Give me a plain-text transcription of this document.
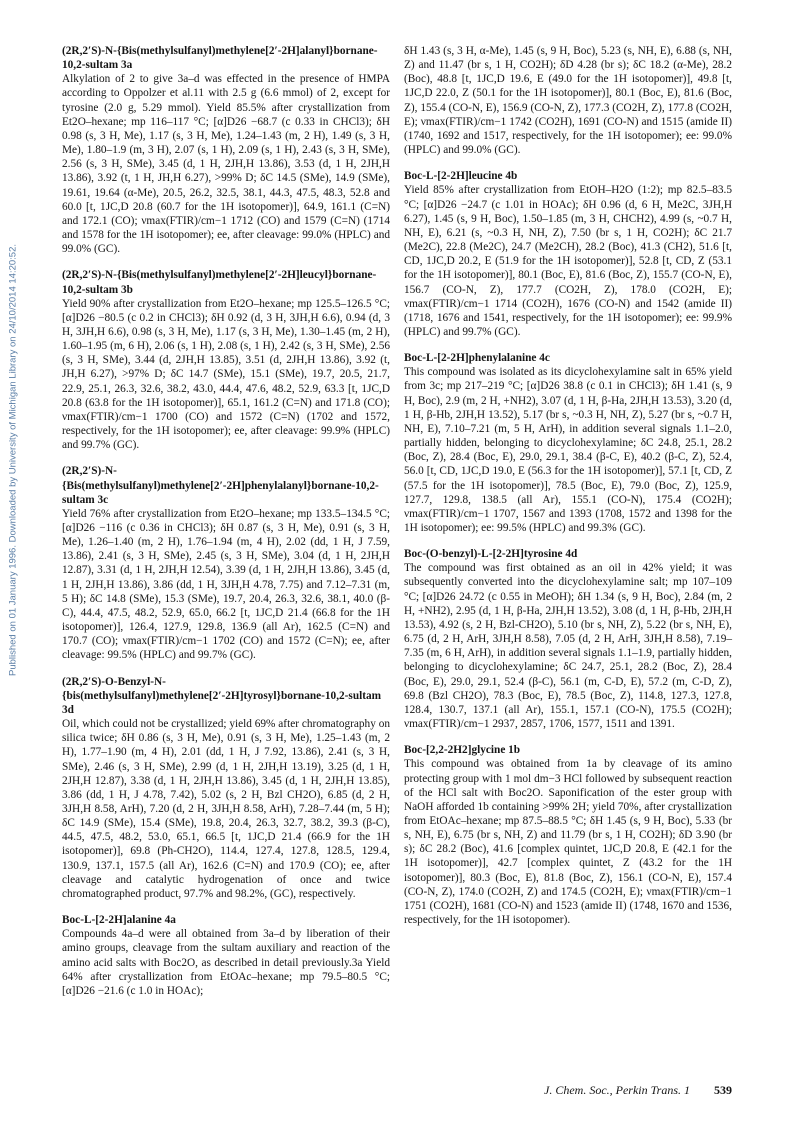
Published on 01 January 1996. Downloaded by University of Michigan Library on 24/10/2014 14:20:52.
(2R,2′S)-N-{Bis(methylsulfanyl)methylene[2′-2H]alanyl}bornane-10,2-sultam 3a

Alkylation of 2 to give 3a–d was effected in the presence of HMPA according to Oppolzer et al.11 with 2.5 g (6.6 mmol) of 2, except for tyrosine (2.0 g, 5.29 mmol). Yield 85.5% after crystallization from Et2O–hexane; mp 116–117 °C; [α]D26 −68.7 (c 0.33 in CHCl3); δH 0.98 (s, 3 H, Me), 1.17 (s, 3 H, Me), 1.24–1.43 (m, 2 H), 1.49 (s, 3 H, Me), 1.80–1.9 (m, 3 H), 2.07 (s, 1 H), 2.09 (s, 1 H), 2.43 (s, 3 H, SMe), 2.56 (s, 3 H, SMe), 3.45 (d, 1 H, 2JH,H 13.86), 3.53 (d, 1 H, 2JH,H 13.86), 3.92 (t, 1 H, JH,H 6.27), >99% D; δC 14.5 (SMe), 14.9 (SMe), 19.61, 19.64 (α-Me), 20.5, 26.2, 32.5, 38.1, 44.3, 47.5, 48.3, 52.8 and 60.0 [t, 1JC,D 20.8 (60.7 for the 1H isotopomer)], 64.9, 161.1 (C=N) and 172.1 (CO); νmax(FTIR)/cm−1 1712 (CO) and 1579 (C=N) (1714 and 1578 for the 1H isotopomer); ee, after cleavage: 99.0% (HPLC) and 99.0% (GC).

(2R,2′S)-N-{Bis(methylsulfanyl)methylene[2′-2H]leucyl}bornane-10,2-sultam 3b

Yield 90% after crystallization from Et2O–hexane; mp 125.5–126.5 °C; [α]D26 −80.5 (c 0.2 in CHCl3); δH 0.92 (d, 3 H, 3JH,H 6.6), 0.94 (d, 3 H, 3JH,H 6.6), 0.98 (s, 3 H, Me), 1.17 (s, 3 H, Me), 1.30–1.45 (m, 2 H), 1.60–1.95 (m, 6 H), 2.06 (s, 1 H), 2.08 (s, 1 H), 2.42 (s, 3 H, SMe), 2.56 (s, 3 H, SMe), 3.44 (d, 2JH,H 13.85), 3.51 (d, 2JH,H 13.86), 3.92 (t, JH,H 6.27), >97% D; δC 14.7 (SMe), 15.1 (SMe), 19.7, 20.5, 21.7, 22.9, 25.1, 26.3, 32.6, 38.2, 43.0, 44.4, 47.6, 48.2, 52.9, 63.3 [t, 1JC,D 20.8 (63.8 for the 1H isotopomer)], 65.1, 161.2 (C=N) and 171.8 (CO); νmax(FTIR)/cm−1 1700 (CO) and 1572 (C=N) (1702 and 1572, respectively, for the 1H isotopomer); ee, after cleavage: 99.9% (HPLC) and 99.7% (GC).

(2R,2′S)-N-{Bis(methylsulfanyl)methylene[2′-2H]phenylalanyl}bornane-10,2-sultam 3c

Yield 76% after crystallization from Et2O–hexane; mp 133.5–134.5 °C; [α]D26 −116 (c 0.36 in CHCl3); δH 0.87 (s, 3 H, Me), 0.91 (s, 3 H, Me), 1.26–1.40 (m, 2 H), 1.76–1.94 (m, 4 H), 2.02 (dd, 1 H, J 7.59, 13.86), 2.41 (s, 3 H, SMe), 2.45 (s, 3 H, SMe), 3.04 (d, 1 H, 2JH,H 12.87), 3.31 (d, 1 H, 2JH,H 12.54), 3.39 (d, 1 H, 2JH,H 13.86), 3.45 (d, 1 H, 2JH,H 13.86), 3.86 (dd, 1 H, 3JH,H 4.78, 7.75) and 7.12–7.31 (m, 5 H); δC 14.8 (SMe), 15.3 (SMe), 19.7, 20.4, 26.3, 32.6, 38.1, 40.0 (β-C), 44.4, 47.5, 48.2, 52.9, 65.0, 66.2 [t, 1JC,D 21.4 (66.8 for the 1H isotopomer)], 126.4, 127.9, 129.8, 136.9 (all Ar), 162.5 (C=N) and 170.7 (CO); νmax(FTIR)/cm−1 1702 (CO) and 1572 (C=N); ee, after cleavage: 99.5% (HPLC) and 99.7% (GC).

(2R,2′S)-O-Benzyl-N-{bis(methylsulfanyl)methylene[2′-2H]tyrosyl}bornane-10,2-sultam 3d

Oil, which could not be crystallized; yield 69% after chromatography on silica twice; δH 0.86 (s, 3 H, Me), 0.91 (s, 3 H, Me), 1.25–1.43 (m, 2 H), 1.77–1.90 (m, 4 H), 2.01 (dd, 1 H, J 7.92, 13.86), 2.41 (s, 3 H, SMe), 2.46 (s, 3 H, SMe), 2.99 (d, 1 H, 2JH,H 13.19), 3.25 (d, 1 H, 2JH,H 12.87), 3.38 (d, 1 H, 2JH,H 13.86), 3.45 (d, 1 H, 2JH,H 13.85), 3.86 (dd, 1 H, J 4.78, 7.42), 5.02 (s, 2 H, Bzl CH2O), 6.85 (d, 2 H, 3JH,H 8.58, ArH), 7.20 (d, 2 H, 3JH,H 8.58, ArH), 7.28–7.44 (m, 5 H); δC 14.9 (SMe), 15.4 (SMe), 19.8, 20.4, 26.3, 32.7, 38.2, 39.3 (β-C), 44.5, 47.5, 48.2, 53.0, 65.1, 66.5 [t, 1JC,D 21.4 (66.9 for the 1H isotopomer)], 69.8 (Ph-CH2O), 114.4, 127.4, 127.8, 128.5, 129.4, 130.9, 137.1, 157.5 (all Ar), 162.6 (C=N) and 170.9 (CO); ee, after cleavage and catalytic hydrogenation of once and twice chromatographed product, 97.7% and 98.2%, (GC), respectively.

Boc-L-[2-2H]alanine 4a

Compounds 4a–d were all obtained from 3a–d by liberation of their amino groups, cleavage from the sultam auxiliary and reaction of the amino acid salts with Boc2O, as described in detail previously.3a Yield 64% after crystallization from EtOAc–hexane; mp 79.5–80.5 °C; [α]D26 −21.6 (c 1.0 in HOAc);

δH 1.43 (s, 3 H, α-Me), 1.45 (s, 9 H, Boc), 5.23 (s, NH, E), 6.88 (s, NH, Z) and 11.47 (br s, 1 H, CO2H); δD 4.28 (br s); δC 18.2 (α-Me), 28.2 (Boc), 48.8 [t, 1JC,D 19.6, E (49.0 for the 1H isotopomer)], 49.8 [t, 1JC,D 22.0, Z (50.1 for the 1H isotopomer)], 80.1 (Boc, E), 81.6 (Boc, Z), 155.4 (CO-N, E), 156.9 (CO-N, Z), 177.3 (CO2H, Z), 177.8 (CO2H, E); νmax(FTIR)/cm−1 1742 (CO2H), 1691 (CO-N) and 1515 (amide II) (1740, 1692 and 1517, respectively, for the 1H isotopomer); ee: 99.0% (HPLC) and 99.0% (GC).

Boc-L-[2-2H]leucine 4b

Yield 85% after crystallization from EtOH–H2O (1:2); mp 82.5–83.5 °C; [α]D26 −24.7 (c 1.01 in HOAc); δH 0.96 (d, 6 H, Me2C, 3JH,H 6.27), 1.45 (s, 9 H, Boc), 1.50–1.85 (m, 3 H, CHCH2), 4.99 (s, ~0.7 H, NH, E), 6.21 (s, ~0.3 H, NH, Z), 7.50 (br s, 1 H, CO2H); δC 21.7 (Me2C), 22.8 (Me2C), 24.7 (Me2CH), 28.2 (Boc), 41.3 (CH2), 51.6 [t, CD, 1JC,D 20.2, E (51.9 for the 1H isotopomer)], 52.8 [t, CD, Z (53.1 for the 1H isotopomer)], 80.1 (Boc, E), 81.6 (Boc, Z), 155.7 (CO-N, E), 156.7 (CO-N, Z), 177.7 (CO2H, Z), 178.0 (CO2H, E); νmax(FTIR)/cm−1 1714 (CO2H), 1676 (CO-N) and 1542 (amide II) (1718, 1676 and 1541, respectively, for the 1H isotopomer); ee: 99.9% (HPLC) and 99.7% (GC).

Boc-L-[2-2H]phenylalanine 4c

This compound was isolated as its dicyclohexylamine salt in 65% yield from 3c; mp 217–219 °C; [α]D26 38.8 (c 0.1 in CHCl3); δH 1.41 (s, 9 H, Boc), 2.9 (m, 2 H, +NH2), 3.07 (d, 1 H, β-Ha, 2JH,H 13.53), 3.20 (d, 1 H, β-Hb, 2JH,H 13.52), 5.17 (br s, ~0.3 H, NH, Z), 5.27 (br s, ~0.7 H, NH, E), 7.10–7.21 (m, 5 H, ArH), in addition several signals 1.1–2.0, partially hidden, belonging to dicyclohexylamine; δC 24.8, 25.1, 28.2 (Boc, Z), 28.4 (Boc, E), 29.0, 29.1, 38.4 (β-C, E), 40.2 (β-C, Z), 52.4, 56.0 [t, CD, 1JC,D 19.0, E (56.3 for the 1H isotopomer)], 57.1 [t, CD, Z (57.5 for the 1H isotopomer)], 78.5 (Boc, E), 79.0 (Boc, Z), 125.9, 127.7, 129.8, 138.5 (all Ar), 155.1 (CO-N), 175.4 (CO2H); νmax(FTIR)/cm−1 1707, 1567 and 1393 (1708, 1572 and 1398 for the 1H isotopomer); ee: 99.5% (HPLC) and 99.3% (GC).

Boc-(O-benzyl)-L-[2-2H]tyrosine 4d

The compound was first obtained as an oil in 42% yield; it was subsequently converted into the dicyclohexylamine salt; mp 107–109 °C; [α]D26 24.72 (c 0.55 in MeOH); δH 1.34 (s, 9 H, Boc), 2.84 (m, 2 H, +NH2), 2.95 (d, 1 H, β-Ha, 2JH,H 13.52), 3.08 (d, 1 H, β-Hb, 2JH,H 13.53), 4.92 (s, 2 H, Bzl-CH2O), 5.10 (br s, NH, Z), 5.22 (br s, NH, E), 6.75 (d, 2 H, ArH, 3JH,H 8.58), 7.05 (d, 2 H, ArH, 3JH,H 8.58), 7.19–7.35 (m, 6 H, ArH), in addition several signals 1.1–1.9, partially hidden, belonging to dicyclohexylamine; δC 24.7, 25.1, 28.2 (Boc, Z), 28.4 (Boc, E), 29.0, 29.1, 52.4 (β-C), 56.1 (m, C-D, E), 57.2 (m, C-D, Z), 69.8 (Bzl CH2O), 78.3 (Boc, E), 78.5 (Boc, Z), 114.8, 127.3, 127.8, 128.4, 130.7, 137.1 (all Ar), 155.1, 157.1 (CO-N), 175.5 (CO2H); νmax(FTIR)/cm−1 2937, 2857, 1706, 1577, 1511 and 1391.

Boc-[2,2-2H2]glycine 1b

This compound was obtained from 1a by cleavage of its amino protecting group with 1 mol dm−3 HCl followed by subsequent reaction of the HCl salt with Boc2O. Saponification of the ester group with NaOH afforded 1b containing >99% 2H; yield 70%, after crystallization from EtOAc–hexane; mp 87.5–88.5 °C; δH 1.45 (s, 9 H, Boc), 5.33 (br s, NH, E), 6.75 (br s, NH, Z) and 11.79 (br s, 1 H, CO2H); δD 3.90 (br s); δC 28.2 (Boc), 41.6 [complex quintet, 1JC,D 20.8, E (42.1 for the 1H isotopomer)], 42.7 [complex quintet, Z (43.2 for the 1H isotopomer)], 80.3 (Boc, E), 81.8 (Boc, Z), 156.1 (CO-N, E), 157.4 (CO-N, Z), 174.0 (CO2H, Z) and 174.5 (CO2H, E); νmax(FTIR)/cm−1 1751 (CO2H), 1681 (CO-N) and 1523 (amide II) (1748, 1670 and 1536, respectively, for the 1H isotopomer).

J. Chem. Soc., Perkin Trans. 1 539
